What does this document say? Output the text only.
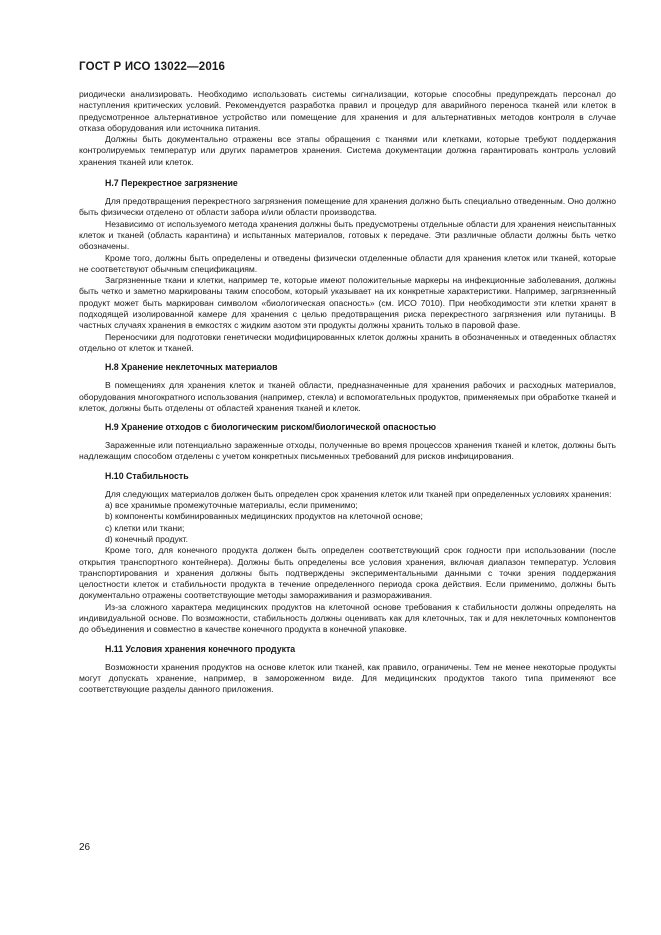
ГОСТ Р ИСО 13022—2016

риодически анализировать. Необходимо использовать системы сигнализации, которые способны предупреждать персонал до наступления критических условий. Рекомендуется разработка правил и процедур для аварийного переноса тканей или клеток в предусмотренное альтернативное устройство или помещение для хранения и для альтернативных методов контроля в случае отказа оборудования или источника питания.

Должны быть документально отражены все этапы обращения с тканями или клетками, которые требуют поддержания контролируемых температур или других параметров хранения. Система документации должна гарантировать контроль условий хранения тканей или клеток.

Н.7 Перекрестное загрязнение

Для предотвращения перекрестного загрязнения помещение для хранения должно быть специально отведенным. Оно должно быть физически отделено от области забора и/или области производства.

Независимо от используемого метода хранения должны быть предусмотрены отдельные области для хранения неиспытанных клеток и тканей (область карантина) и испытанных материалов, готовых к передаче. Эти различные области должны быть четко обозначены.

Кроме того, должны быть определены и отведены физически отделенные области для хранения клеток или тканей, которые не соответствуют обычным спецификациям.

Загрязненные ткани и клетки, например те, которые имеют положительные маркеры на инфекционные заболевания, должны быть четко и заметно маркированы таким способом, который указывает на их конкретные характеристики. Например, загрязненный продукт может быть маркирован символом «биологическая опасность» (см. ИСО 7010). При необходимости эти клетки хранят в подходящей изолированной камере для хранения с целью предотвращения риска перекрестного загрязнения или путаницы. В частных случаях хранения в емкостях с жидким азотом эти продукты должны хранить только в паровой фазе.

Переносчики для подготовки генетически модифицированных клеток должны хранить в обозначенных и отведенных областях отдельно от клеток и тканей.

Н.8 Хранение неклеточных материалов

В помещениях для хранения клеток и тканей области, предназначенные для хранения рабочих и расходных материалов, оборудования многократного использования (например, стекла) и вспомогательных продуктов, применяемых при обработке тканей и клеток, должны быть отделены от областей хранения тканей и клеток.

Н.9 Хранение отходов с биологическим риском/биологической опасностью

Зараженные или потенциально зараженные отходы, полученные во время процессов хранения тканей и клеток, должны быть надлежащим способом отделены с учетом конкретных письменных требований для рисков инфицирования.

Н.10 Стабильность

Для следующих материалов должен быть определен срок хранения клеток или тканей при определенных условиях хранения:

a) все хранимые промежуточные материалы, если применимо;

b) компоненты комбинированных медицинских продуктов на клеточной основе;

c) клетки или ткани;

d) конечный продукт.

Кроме того, для конечного продукта должен быть определен соответствующий срок годности при использовании (после открытия транспортного контейнера). Должны быть определены все условия хранения, включая диапазон температур. Условия транспортирования и хранения должны быть подтверждены экспериментальными данными с точки зрения поддержания целостности клеток и стабильности продукта в течение определенного периода срока действия. Если применимо, должны быть документально отражены соответствующие методы замораживания и размораживания.

Из-за сложного характера медицинских продуктов на клеточной основе требования к стабильности должны определять на индивидуальной основе. По возможности, стабильность должны оценивать как для клеточных, так и для неклеточных компонентов до объединения и совместно в качестве конечного продукта в конечной упаковке.

Н.11 Условия хранения конечного продукта

Возможности хранения продуктов на основе клеток или тканей, как правило, ограничены. Тем не менее некоторые продукты могут допускать хранение, например, в замороженном виде. Для медицинских продуктов такого типа применяют все соответствующие разделы данного приложения.

26
